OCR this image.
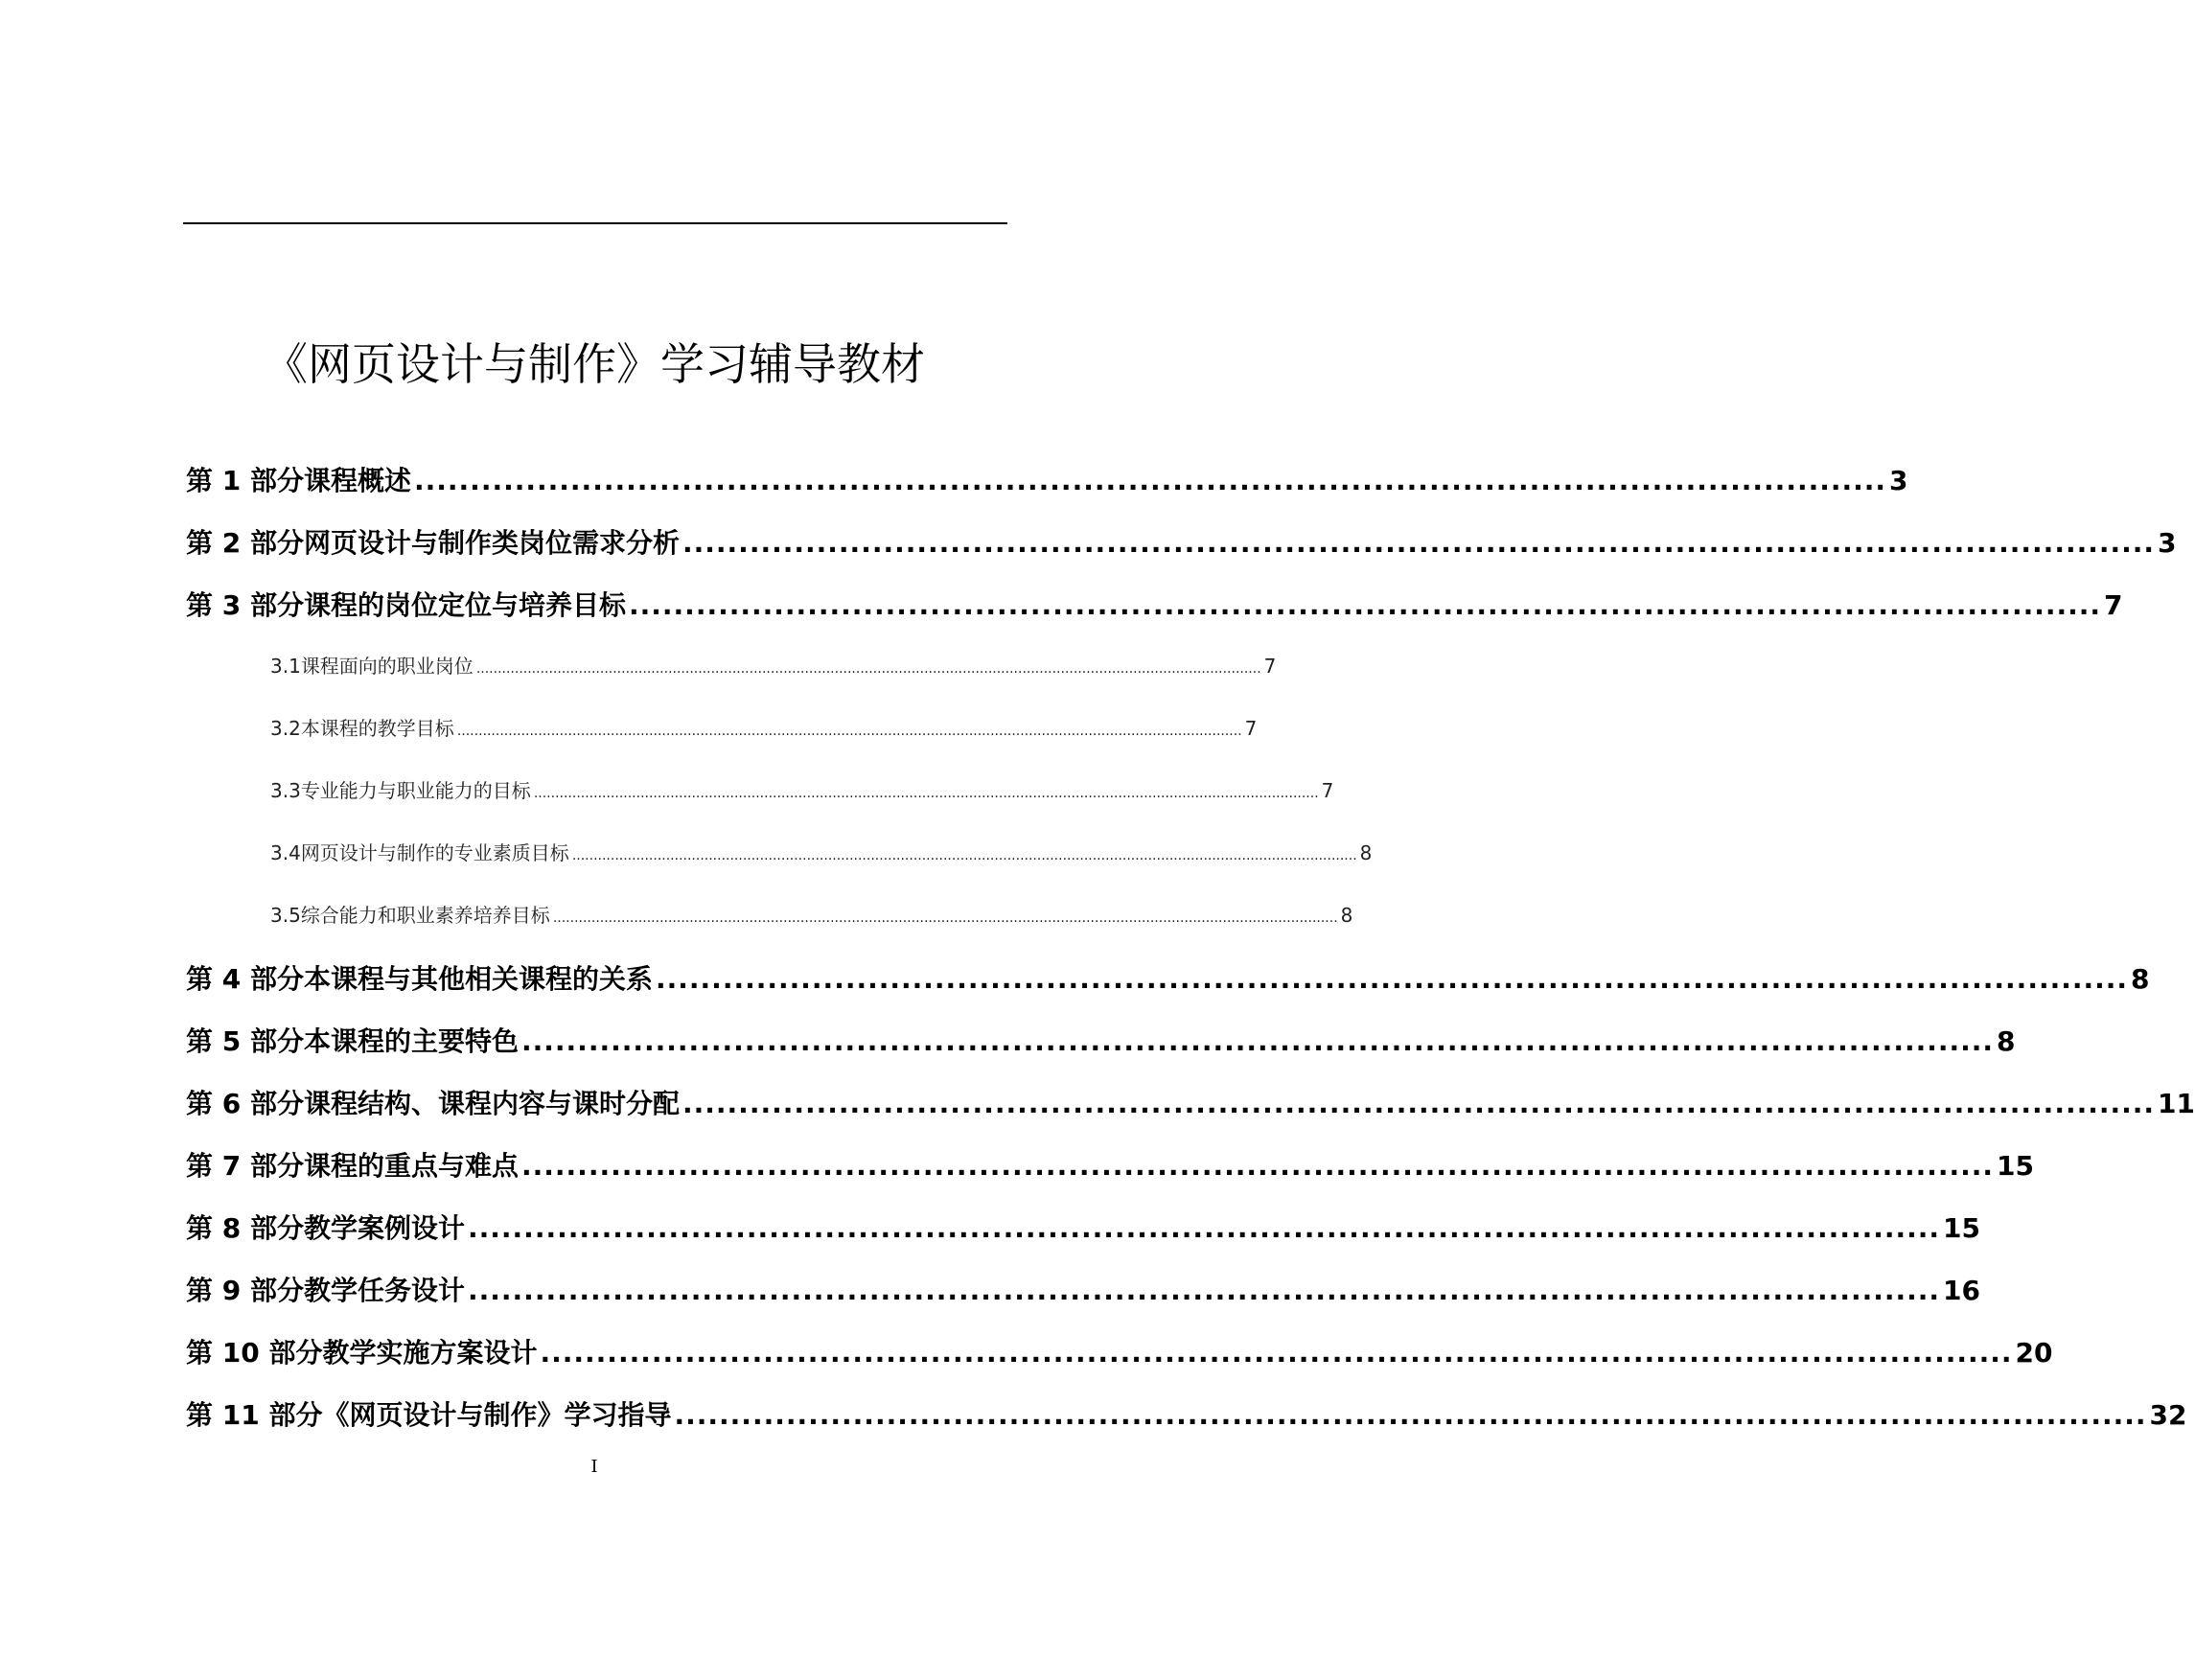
《网页设计与制作》学习辅导教材
第 1 部分 课程概述 .................................................................................................................................... 3
第 2 部分 网页设计与制作类岗位需求分析 .................................................................................................................................... 3
第 3 部分 课程的岗位定位与培养目标 .................................................................................................................................... 7
3.1 课程面向的职业岗位 ........................................................................................................................................................................................ 7
3.2 本课程的教学目标 ........................................................................................................................................................................................ 7
3.3 专业能力与职业能力的目标 ........................................................................................................................................................................................ 7
3.4 网页设计与制作的专业素质目标 ........................................................................................................................................................................................ 8
3.5 综合能力和职业素养培养目标 ........................................................................................................................................................................................ 8
第 4 部分 本课程与其他相关课程的关系 .................................................................................................................................... 8
第 5 部分 本课程的主要特色 .................................................................................................................................... 8
第 6 部分 课程结构、课程内容与课时分配 .................................................................................................................................... 11
第 7 部分 课程的重点与难点 .................................................................................................................................... 15
第 8 部分 教学案例设计 .................................................................................................................................... 15
第 9 部分 教学任务设计 .................................................................................................................................... 16
第 10 部分 教学实施方案设计 .................................................................................................................................... 20
第 11 部分 《网页设计与制作》学习指导 .................................................................................................................................... 32
I
